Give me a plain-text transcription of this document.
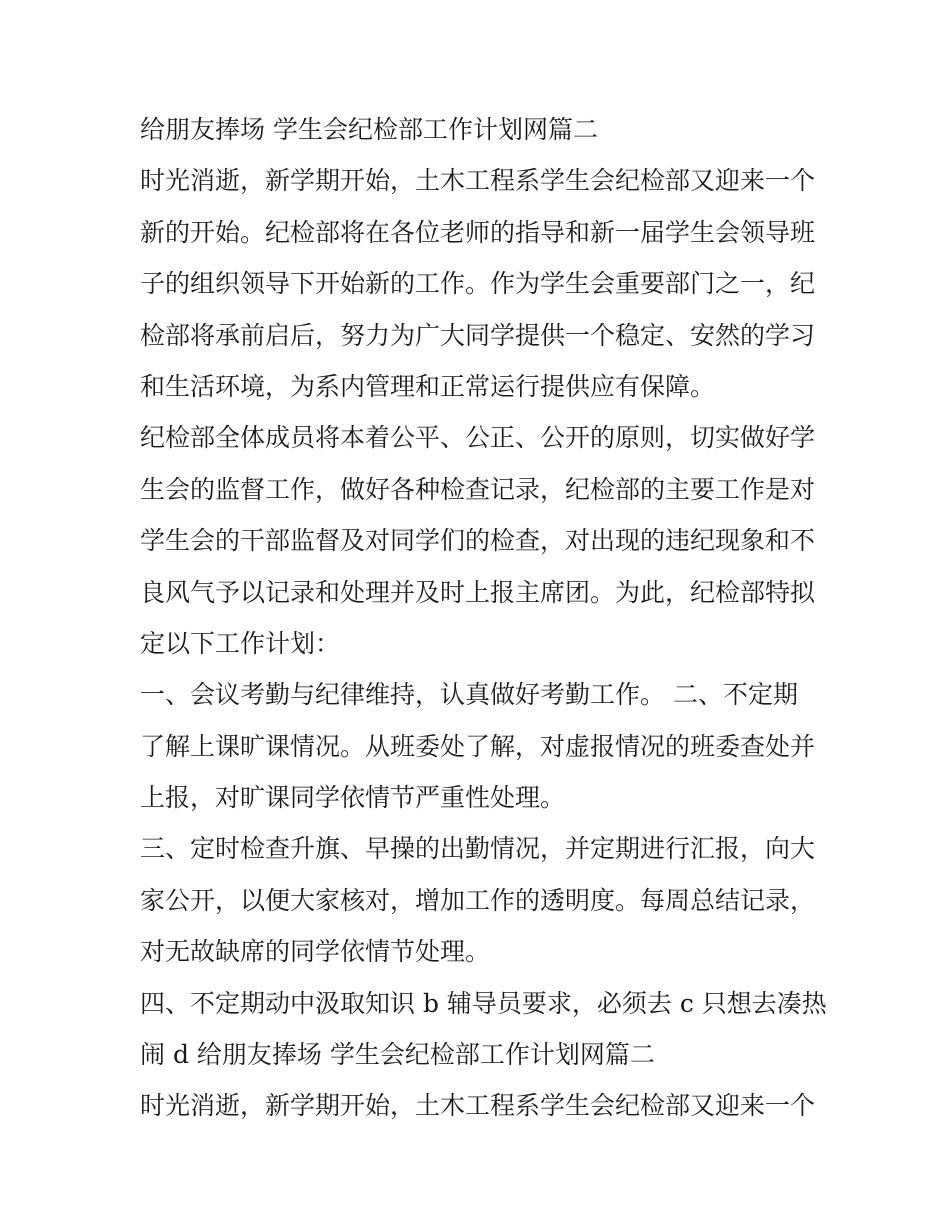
给朋友捧场 学生会纪检部工作计划网篇二
时光消逝，新学期开始，土木工程系学生会纪检部又迎来一个
新的开始。纪检部将在各位老师的指导和新一届学生会领导班
子的组织领导下开始新的工作。作为学生会重要部门之一，纪
检部将承前启后，努力为广大同学提供一个稳定、安然的学习
和生活环境，为系内管理和正常运行提供应有保障。
纪检部全体成员将本着公平、公正、公开的原则，切实做好学
生会的监督工作，做好各种检查记录，纪检部的主要工作是对
学生会的干部监督及对同学们的检查，对出现的违纪现象和不
良风气予以记录和处理并及时上报主席团。为此，纪检部特拟
定以下工作计划：
一、会议考勤与纪律维持，认真做好考勤工作。 二、不定期
了解上课旷课情况。从班委处了解，对虚报情况的班委查处并
上报，对旷课同学依情节严重性处理。
三、定时检查升旗、早操的出勤情况，并定期进行汇报，向大
家公开，以便大家核对，增加工作的透明度。每周总结记录，
对无故缺席的同学依情节处理。
四、不定期动中汲取知识 b 辅导员要求，必须去 c 只想去凑热
闹 d 给朋友捧场 学生会纪检部工作计划网篇二
时光消逝，新学期开始，土木工程系学生会纪检部又迎来一个
